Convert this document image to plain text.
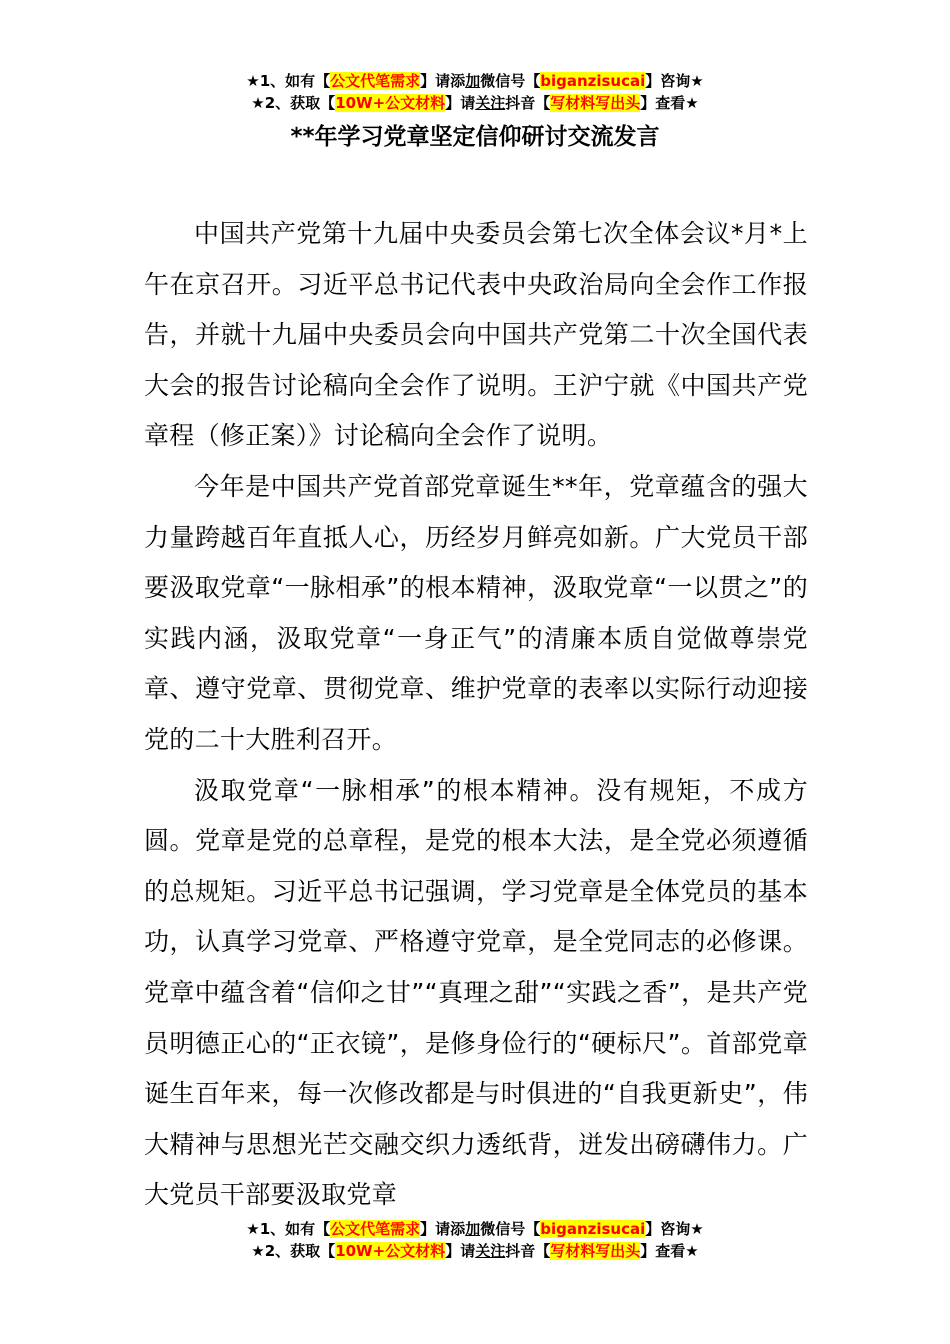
★1、如有【公文代笔需求】请添加微信号【biganzisucai】咨询★
★2、获取【10W+公文材料】请关注抖音【写材料写出头】查看★
**年学习党章坚定信仰研讨交流发言

中国共产党第十九届中央委员会第七次全体会议*月*上午在京召开。习近平总书记代表中央政治局向全会作工作报告，并就十九届中央委员会向中国共产党第二十次全国代表大会的报告讨论稿向全会作了说明。王沪宁就《中国共产党章程（修正案）》讨论稿向全会作了说明。

今年是中国共产党首部党章诞生**年，党章蕴含的强大力量跨越百年直抵人心，历经岁月鲜亮如新。广大党员干部要汲取党章“一脉相承”的根本精神，汲取党章“一以贯之”的实践内涵，汲取党章“一身正气”的清廉本质自觉做尊崇党章、遵守党章、贯彻党章、维护党章的表率以实际行动迎接党的二十大胜利召开。

汲取党章“一脉相承”的根本精神。没有规矩，不成方圆。党章是党的总章程，是党的根本大法，是全党必须遵循的总规矩。习近平总书记强调，学习党章是全体党员的基本功，认真学习党章、严格遵守党章，是全党同志的必修课。党章中蕴含着“信仰之甘”“真理之甜”“实践之香”，是共产党员明德正心的“正衣镜”，是修身俭行的“硬标尺”。首部党章诞生百年来，每一次修改都是与时俱进的“自我更新史”，伟大精神与思想光芒交融交织力透纸背，迸发出磅礴伟力。广大党员干部要汲取党章

★1、如有【公文代笔需求】请添加微信号【biganzisucai】咨询★
★2、获取【10W+公文材料】请关注抖音【写材料写出头】查看★
